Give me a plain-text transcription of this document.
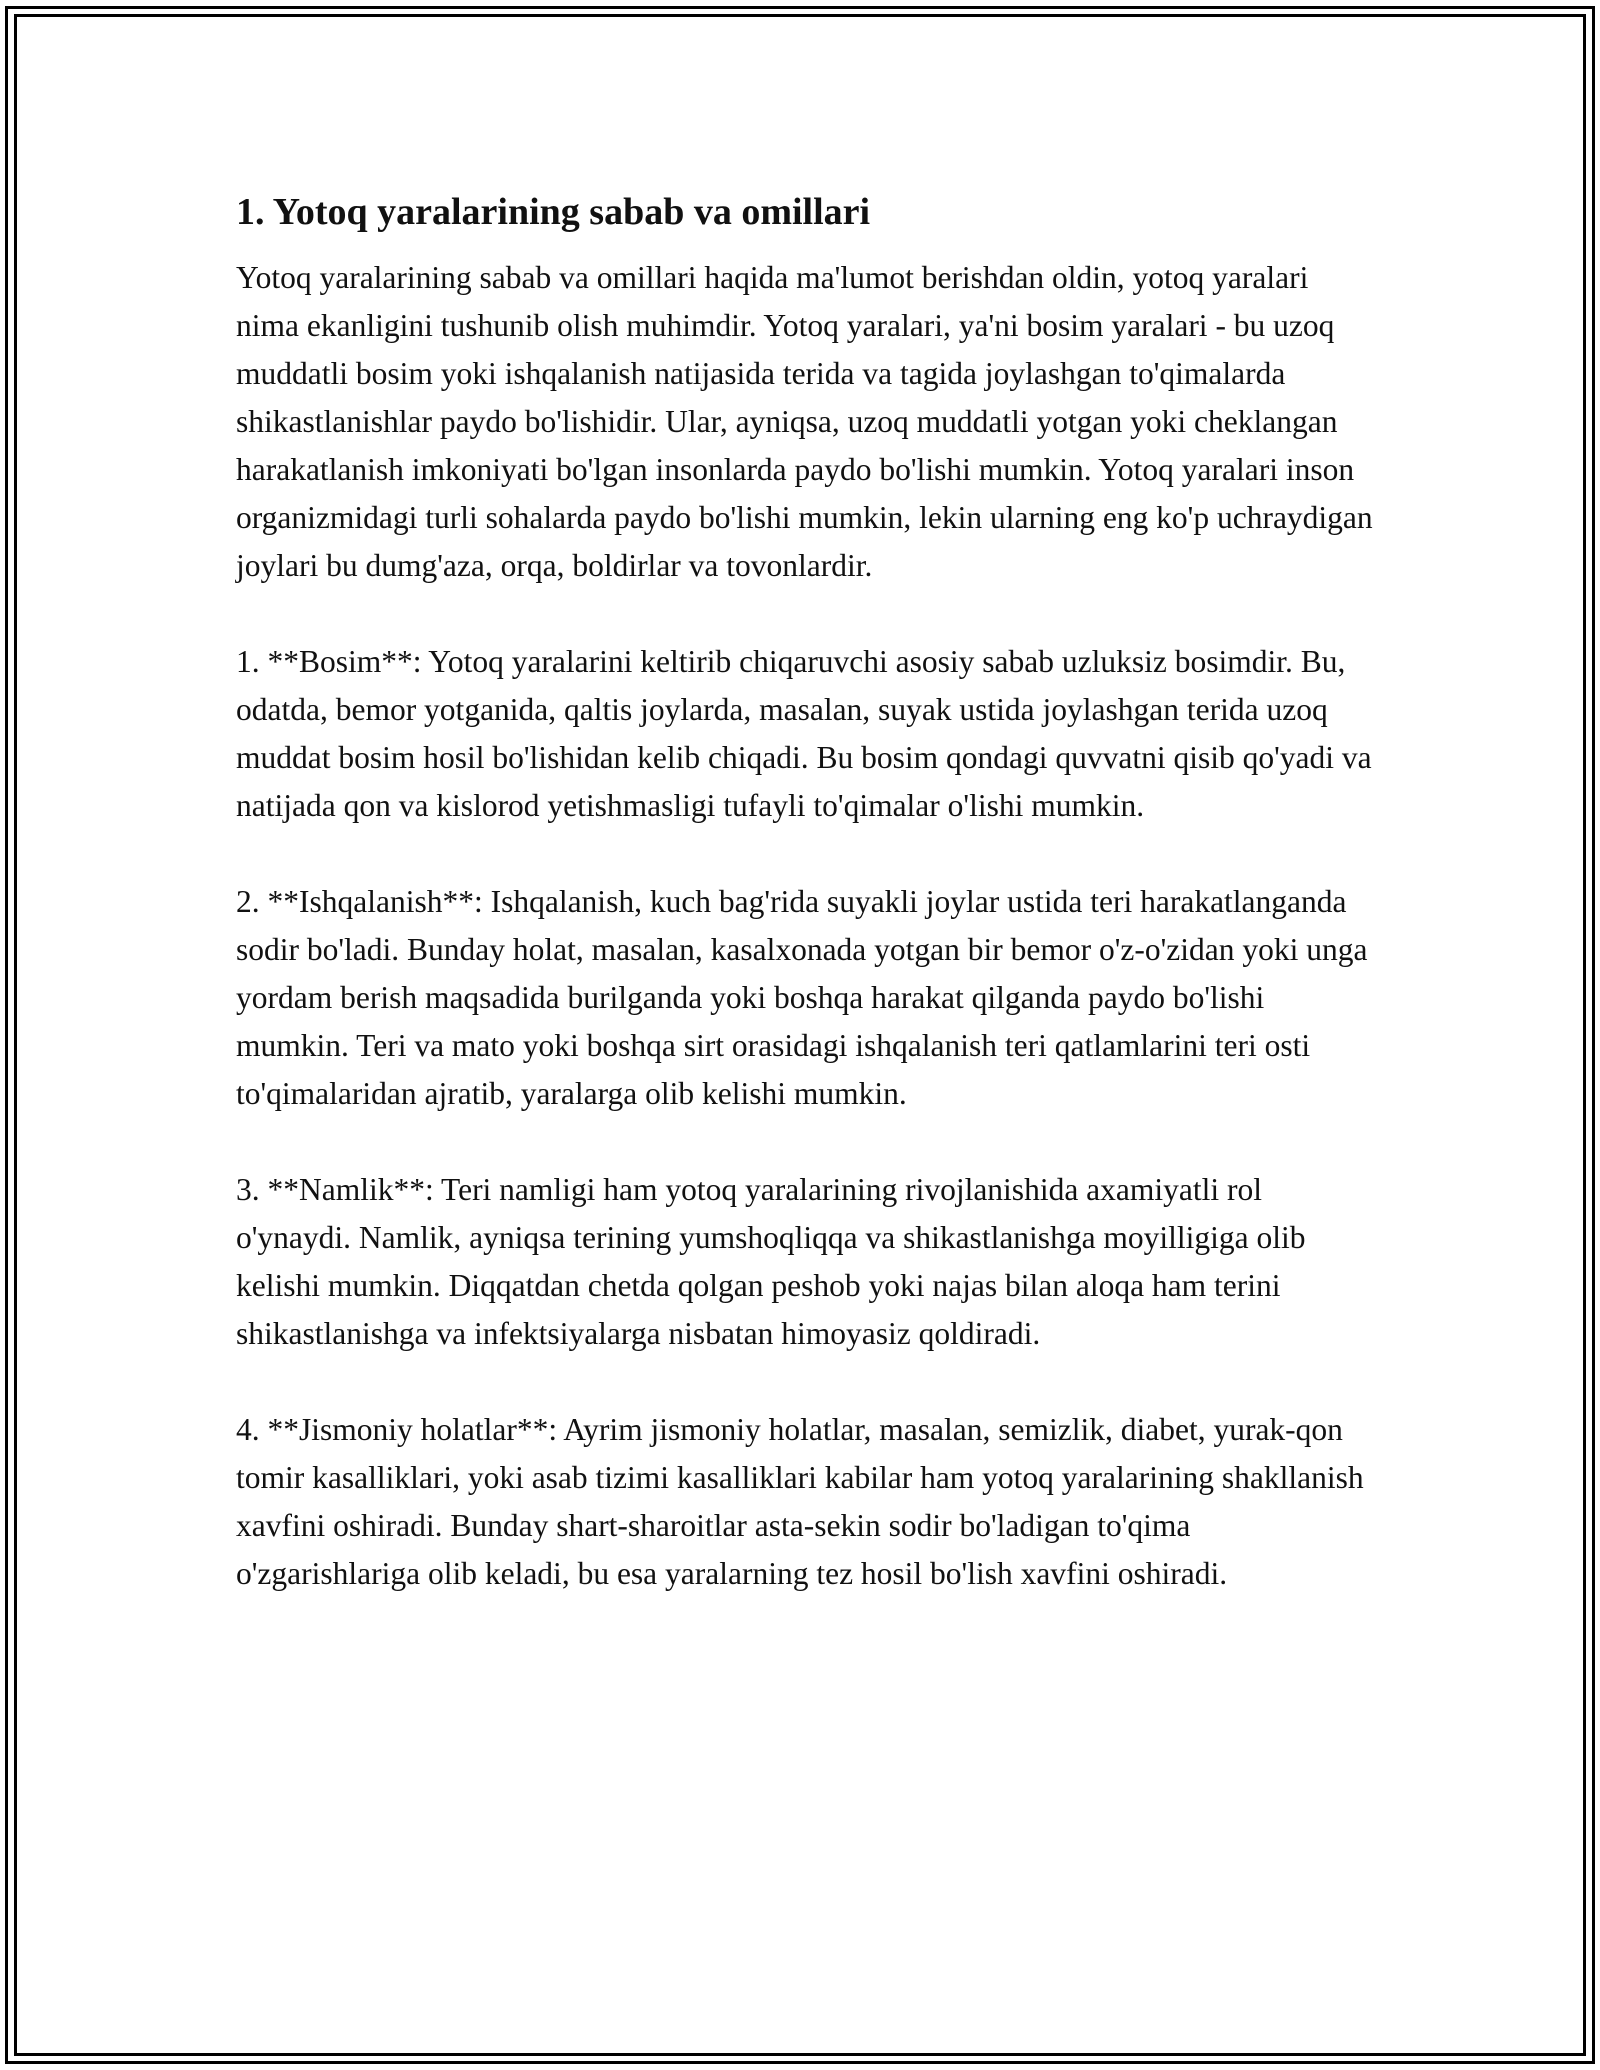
1. Yotoq yaralarining sabab va omillari

Yotoq yaralarining sabab va omillari haqida ma'lumot berishdan oldin, yotoq yaralari nima ekanligini tushunib olish muhimdir. Yotoq yaralari, ya'ni bosim yaralari - bu uzoq muddatli bosim yoki ishqalanish natijasida terida va tagida joylashgan to'qimalarda shikastlanishlar paydo bo'lishidir. Ular, ayniqsa, uzoq muddatli yotgan yoki cheklangan harakatlanish imkoniyati bo'lgan insonlarda paydo bo'lishi mumkin. Yotoq yaralari inson organizmidagi turli sohalarda paydo bo'lishi mumkin, lekin ularning eng ko'p uchraydigan joylari bu dumg'aza, orqa, boldirlar va tovonlardir.

1. **Bosim**: Yotoq yaralarini keltirib chiqaruvchi asosiy sabab uzluksiz bosimdir. Bu, odatda, bemor yotganida, qaltis joylarda, masalan, suyak ustida joylashgan terida uzoq muddat bosim hosil bo'lishidan kelib chiqadi. Bu bosim qondagi quvvatni qisib qo'yadi va natijada qon va kislorod yetishmasligi tufayli to'qimalar o'lishi mumkin.

2. **Ishqalanish**: Ishqalanish, kuch bag'rida suyakli joylar ustida teri harakatlanganda sodir bo'ladi. Bunday holat, masalan, kasalxonada yotgan bir bemor o'z-o'zidan yoki unga yordam berish maqsadida burilganda yoki boshqa harakat qilganda paydo bo'lishi mumkin. Teri va mato yoki boshqa sirt orasidagi ishqalanish teri qatlamlarini teri osti to'qimalaridan ajratib, yaralarga olib kelishi mumkin.

3. **Namlik**: Teri namligi ham yotoq yaralarining rivojlanishida axamiyatli rol o'ynaydi. Namlik, ayniqsa terining yumshoqliqqa va shikastlanishga moyilligiga olib kelishi mumkin. Diqqatdan chetda qolgan peshob yoki najas bilan aloqa ham terini shikastlanishga va infektsiyalarga nisbatan himoyasiz qoldiradi.

4. **Jismoniy holatlar**: Ayrim jismoniy holatlar, masalan, semizlik, diabet, yurak-qon tomir kasalliklari, yoki asab tizimi kasalliklari kabilar ham yotoq yaralarining shakllanish xavfini oshiradi. Bunday shart-sharoitlar asta-sekin sodir bo'ladigan to'qima o'zgarishlariga olib keladi, bu esa yaralarning tez hosil bo'lish xavfini oshiradi.
